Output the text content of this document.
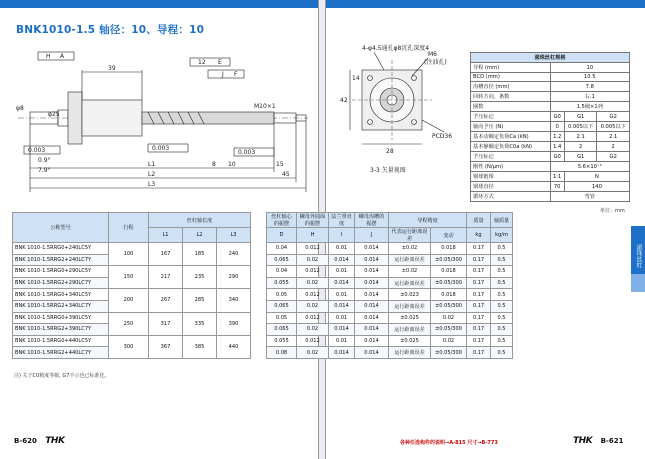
BNK1010-1.5 轴径：10、导程：10
H A
39
12 E
J F
φ25
φ8	M10×1
0.003	0.003
0.003
0.9°
7.9°
L1
L2
L3
15
45
8 10
4-φ4.5通孔φ8沉孔深度4
M6
(注油孔)
42
14
28
PCD36
3-3 矢量视图
滚珠丝杠规格			
导程 (mm)	10		
BCD (mm)	10.5		
沟槽直径 (mm)	7.8		
回转方向、条数	右,1		
圈数	1.5圈×1列		
予压标记	G0	G1	G2
轴向予压 (N)	0	0.005以下	0.005以下
基本动额定负荷Ca (kN)	1.2	2.1	2.1
基本静额定负荷C0a (kN)	1.4	2	2
予压标记	G0	G1	G2
刚性 (N/μm)	5.6×10⁻²		
钢球链珠	1:1	N	
钢球直径	70	140	
循环方式	弯管		
单位：mm
滚珠丝杠
公称型号	行程	丝杠轴长度				丝杠轴心的振摆	螺母外圆面的振摆	法兰垂直度	螺母沟槽的振摆	导程精度		质量	轴质量
		L1	L2	L3		D	H	I	J	代表运行距离误差	变动	kg	kg/m
BNK 1010-1.5RRG0+240LC5Y	100	167	185	240		0.04	0.012	0.01	0.014	±0.02	0.018	0.17	0.5
BNK 1010-1.5RRG2+240LC7Y						0.065	0.02	0.014	0.014	运行距离误差	±0.05/300	0.17	0.5
BNK 1010-1.5RRG0+290LC5Y	150	217	235	290		0.04	0.012	0.01	0.014	±0.02	0.018	0.17	0.5
BNK 1010-1.5RRG2+290LC7Y						0.055	0.02	0.014	0.014	运行距离误差	±0.05/300	0.17	0.5
BNK 1010-1.5RRG0+340LC5Y	200	267	285	340		0.05	0.012	0.01	0.014	±0.023	0.018	0.17	0.5
BNK 1010-1.5RRG2+340LC7Y						0.065	0.02	0.014	0.014	运行距离误差	±0.05/300	0.17	0.5
BNK 1010-1.5RRG0+390LC5Y	250	317	335	390		0.05	0.012	0.01	0.014	±0.025	0.02	0.17	0.5
BNK 1010-1.5RRG2+390LC7Y						0.065	0.02	0.014	0.014	运行距离误差	±0.05/300	0.17	0.5
BNK 1010-1.5RRG0+440LC5Y	300	367	385	440		0.055	0.012	0.01	0.014	±0.025	0.02	0.17	0.5
BNK 1010-1.5RRG2+440LC7Y						0.08	0.02	0.014	0.014	运行距离误差	±0.05/300	0.17	0.5
注) 关于C0精度等级, G7不示也已标准化。
B-620 THK	各种任选构件的说明→A-815 尺寸→B-773	THK B-621
